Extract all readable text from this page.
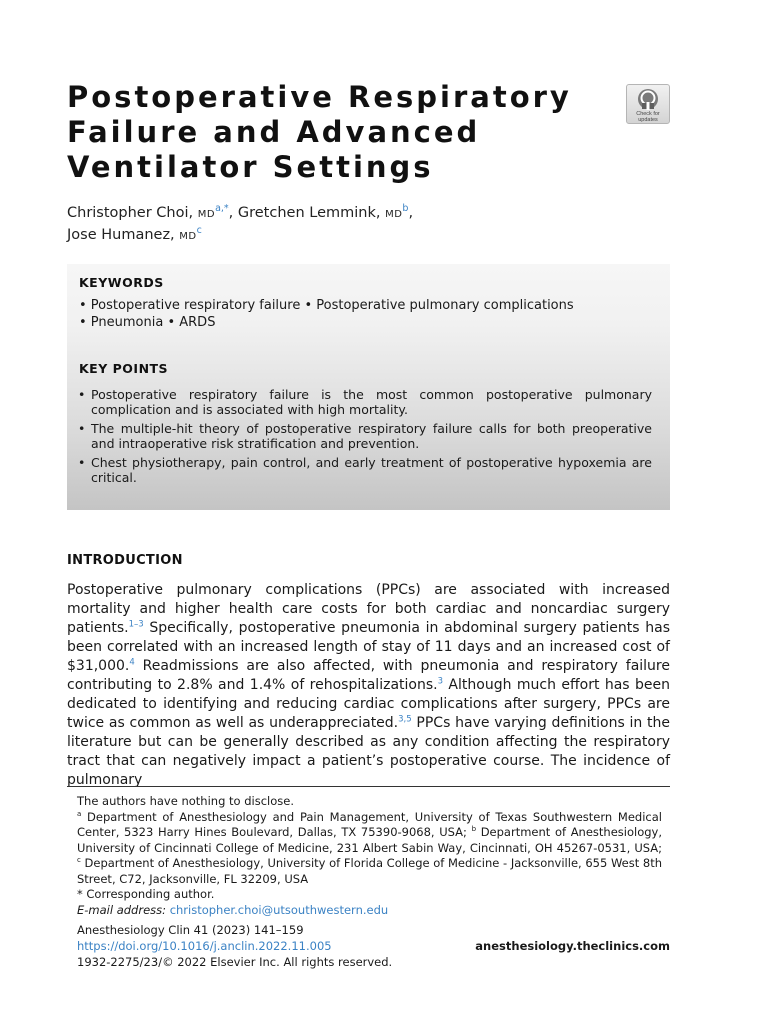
Postoperative Respiratory
Failure and Advanced
Ventilator Settings
Check for
updates
Christopher Choi, $MD^{a,*}$, Gretchen Lemmink, $MD^b$,
Jose Humanez, $MD^c$
KEYWORDS
• Postoperative respiratory failure • Postoperative pulmonary complications
• Pneumonia • ARDS
KEY POINTS
• Postoperative respiratory failure is the most common postoperative pulmonary complication and is associated with high mortality.
• The multiple-hit theory of postoperative respiratory failure calls for both preoperative and intraoperative risk stratification and prevention.
• Chest physiotherapy, pain control, and early treatment of postoperative hypoxemia are critical.
INTRODUCTION

Postoperative pulmonary complications (PPCs) are associated with increased mortality and higher health care costs for both cardiac and noncardiac surgery patients.$^{1-3}$ Specifically, postoperative pneumonia in abdominal surgery patients has been correlated with an increased length of stay of 11 days and an increased cost of $31,000.$^4$ Readmissions are also affected, with pneumonia and respiratory failure contributing to 2.8% and 1.4% of rehospitalizations.$^3$ Although much effort has been dedicated to identifying and reducing cardiac complications after surgery, PPCs are twice as common as well as underappreciated.$^{3,5}$ PPCs have varying definitions in the literature but can be generally described as any condition affecting the respiratory tract that can negatively impact a patient’s postoperative course. The incidence of pulmonary

The authors have nothing to disclose.

$^a$ Department of Anesthesiology and Pain Management, University of Texas Southwestern Medical Center, 5323 Harry Hines Boulevard, Dallas, TX 75390-9068, USA; $^b$ Department of Anesthesiology, University of Cincinnati College of Medicine, 231 Albert Sabin Way, Cincinnati, OH 45267-0531, USA; $^c$ Department of Anesthesiology, University of Florida College of Medicine - Jacksonville, 655 West 8th Street, C72, Jacksonville, FL 32209, USA

* Corresponding author.

E-mail address: christopher.choi@utsouthwestern.edu

Anesthesiology Clin 41 (2023) 141–159
https://doi.org/10.1016/j.anclin.2022.11.005
1932-2275/23/© 2022 Elsevier Inc. All rights reserved.
anesthesiology.theclinics.com
